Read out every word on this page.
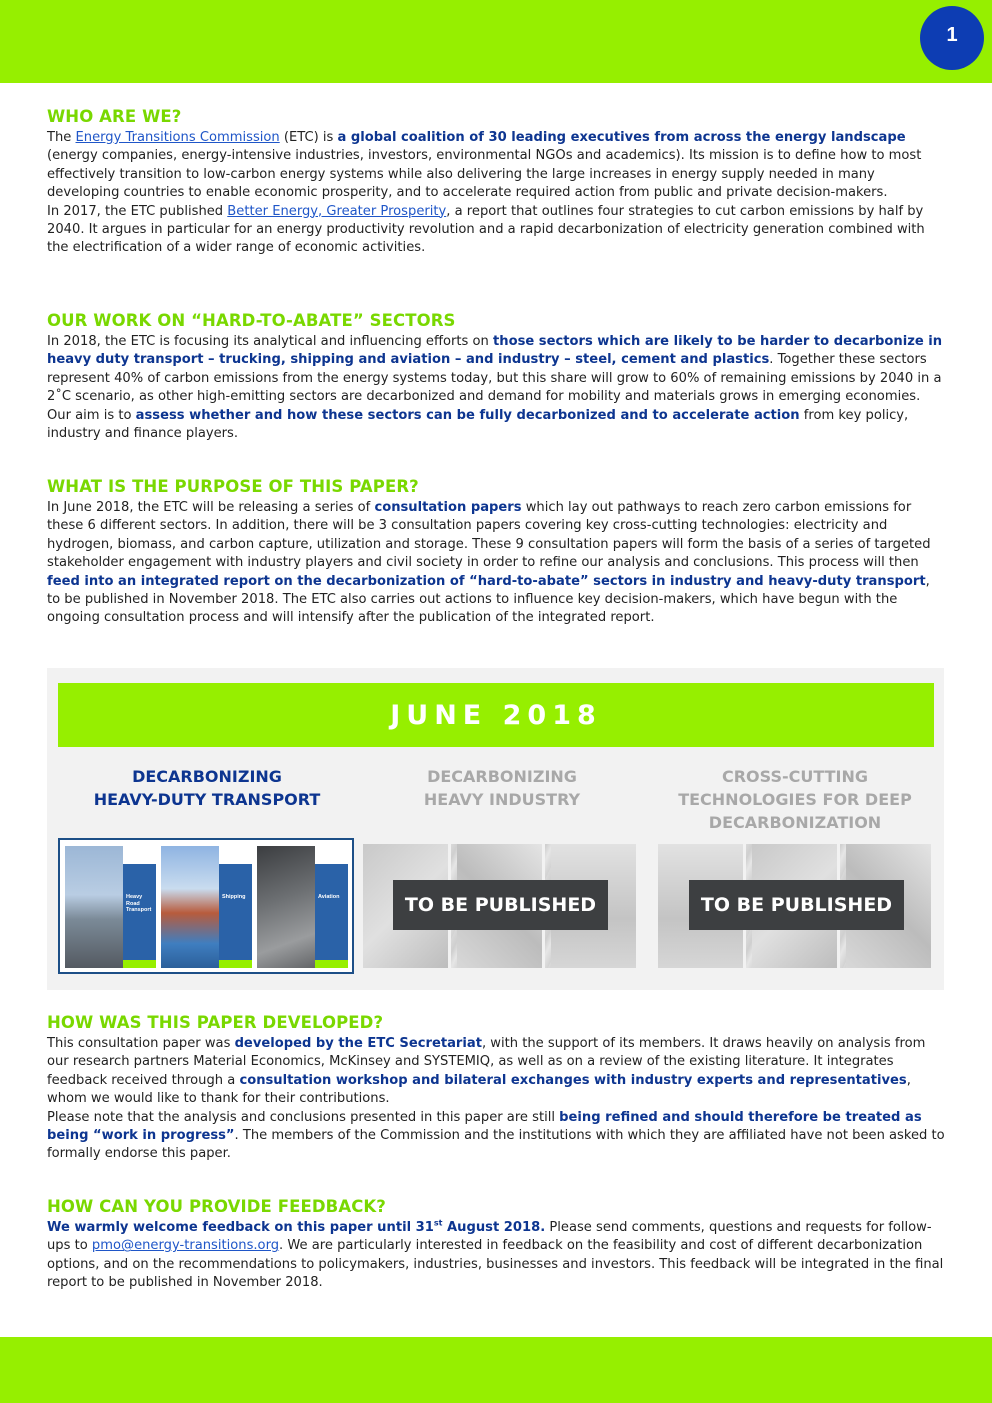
1
WHO ARE WE?
The Energy Transitions Commission (ETC) is a global coalition of 30 leading executives from across the energy landscape (energy companies, energy-intensive industries, investors, environmental NGOs and academics). Its mission is to define how to most effectively transition to low-carbon energy systems while also delivering the large increases in energy supply needed in many developing countries to enable economic prosperity, and to accelerate required action from public and private decision-makers.
In 2017, the ETC published Better Energy, Greater Prosperity, a report that outlines four strategies to cut carbon emissions by half by 2040. It argues in particular for an energy productivity revolution and a rapid decarbonization of electricity generation combined with the electrification of a wider range of economic activities.
OUR WORK ON “HARD-TO-ABATE” SECTORS
In 2018, the ETC is focusing its analytical and influencing efforts on those sectors which are likely to be harder to decarbonize in heavy duty transport – trucking, shipping and aviation – and industry – steel, cement and plastics. Together these sectors represent 40% of carbon emissions from the energy systems today, but this share will grow to 60% of remaining emissions by 2040 in a 2˚C scenario, as other high-emitting sectors are decarbonized and demand for mobility and materials grows in emerging economies. Our aim is to assess whether and how these sectors can be fully decarbonized and to accelerate action from key policy, industry and finance players.
WHAT IS THE PURPOSE OF THIS PAPER?
In June 2018, the ETC will be releasing a series of consultation papers which lay out pathways to reach zero carbon emissions for these 6 different sectors. In addition, there will be 3 consultation papers covering key cross-cutting technologies: electricity and hydrogen, biomass, and carbon capture, utilization and storage. These 9 consultation papers will form the basis of a series of targeted stakeholder engagement with industry players and civil society in order to refine our analysis and conclusions. This process will then feed into an integrated report on the decarbonization of “hard-to-abate” sectors in industry and heavy-duty transport, to be published in November 2018. The ETC also carries out actions to influence key decision-makers, which have begun with the ongoing consultation process and will intensify after the publication of the integrated report.
JUNE 2018
DECARBONIZING
HEAVY-DUTY TRANSPORT
DECARBONIZING
HEAVY INDUSTRY
CROSS-CUTTING
TECHNOLOGIES FOR DEEP
DECARBONIZATION
Heavy Road Transport
Shipping	Aviation	TO BE PUBLISHED	TO BE PUBLISHED
HOW WAS THIS PAPER DEVELOPED?
This consultation paper was developed by the ETC Secretariat, with the support of its members. It draws heavily on analysis from our research partners Material Economics, McKinsey and SYSTEMIQ, as well as on a review of the existing literature. It integrates feedback received through a consultation workshop and bilateral exchanges with industry experts and representatives, whom we would like to thank for their contributions.
Please note that the analysis and conclusions presented in this paper are still being refined and should therefore be treated as being “work in progress”. The members of the Commission and the institutions with which they are affiliated have not been asked to formally endorse this paper.
HOW CAN YOU PROVIDE FEEDBACK?
We warmly welcome feedback on this paper until 31st August 2018. Please send comments, questions and requests for follow-ups to pmo@energy-transitions.org. We are particularly interested in feedback on the feasibility and cost of different decarbonization options, and on the recommendations to policymakers, industries, businesses and investors. This feedback will be integrated in the final report to be published in November 2018.
